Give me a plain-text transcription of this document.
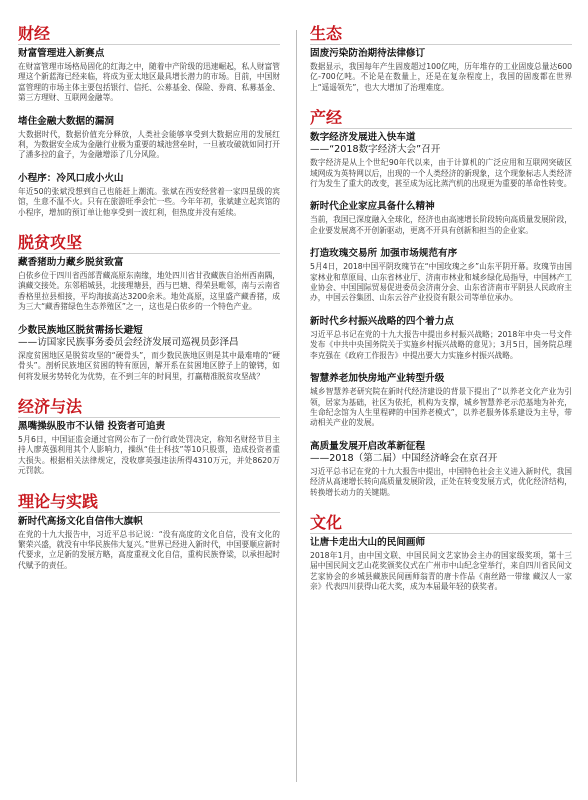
财经
财富管理进入新赛点
在财富管理市场格局固化的红海之中，随着中产阶级的迅速崛起，私人财富管理这个新蓝海已经来临，将成为亚太地区最具增长潜力的市场。目前，中国财富管理的市场主体主要包括银行、信托、公募基金、保险、券商、私募基金、第三方理财、互联网金融等。
堵住金融大数据的漏洞
大数据时代，数据价值充分释放，人类社会能够享受到大数据应用的发展红利，为数据安全成为金融行业极为重要的城池营垒时，一旦被攻破就如同打开了潘多拉的盒子，为金融增添了几分风险。
小程序：冷风口成小火山
年近50的张斌没想到自己也能赶上潮流。张斌在西安经营着一家四星级的宾馆，生意不温不火。只有在旅游旺季会忙一些。今年年初，张斌建立起宾馆的小程序，增加的预订单让他享受到一波红利，但热度并没有延续。
脱贫攻坚
藏香猪助力藏乡脱贫致富
白依乡位于四川省西部青藏高原东南缘，地处四川省甘孜藏族自治州西南隅，滇藏交接处。东邻稻城县，北接理塘县，西与巴塘、得荣县毗邻，南与云南省香格里拉县相接，平均海拔高达3200余米。地处高原，这里盛产藏香猪，成为三大“藏香猪绿色生态养殖区”之一，这也是白依乡的一个特色产业。
少数民族地区脱贫需扬长避短
——访国家民族事务委员会经济发展司巡视员彭泽昌
深度贫困地区是脱贫攻坚的“硬骨头”，而少数民族地区则是其中最难啃的“硬骨头”。剖析民族地区贫困的特有原因，解开系在贫困地区脖子上的镣铐，如何将发展劣势转化为优势，在不到三年的时间里，打赢精准脱贫攻坚战？
经济与法
黑嘴操纵股市不认错 投资者可追责
5月6日，中国证监会通过官网公布了一份行政处罚决定，称知名财经节目主持人廖英强利用其个人影响力，操纵“佳士科技”等10只股票，造成投资者重大损失。根据相关法律规定，没收廖英强违法所得4310万元，并处8620万元罚款。
理论与实践
新时代高扬文化自信伟大旗帜
在党的十九大报告中，习近平总书记说：“没有高度的文化自信，没有文化的繁荣兴盛，就没有中华民族伟大复兴。”世界已经进入新时代，中国要顺应新时代要求，立足新的发展方略，高度重视文化自信，重构民族脊梁，以承担起时代赋予的责任。
生态
固废污染防治期待法律修订
数据显示，我国每年产生固废超过100亿吨，历年堆存的工业固废总量达600亿-700亿吨。不论是在数量上，还是在复杂程度上，我国的固废都在世界上“遥遥领先”，也大大增加了治理难度。
产经
数字经济发展进入快车道
——“2018数字经济大会”召开
数字经济是从上个世纪90年代以来，由于计算机的广泛应用和互联网突破区域网成为英特网以后，出现的一个人类经济的新现象，这个现象标志人类经济行为发生了重大的改变，甚至成为远比蒸汽机的出现更为重要的革命性转变。
新时代企业家应具备什么精神
当前，我国已深度融入全球化，经济也由高速增长阶段转向高质量发展阶段，企业要发展离不开创新驱动，更离不开具有创新和担当的企业家。
打造玫瑰交易所 加强市场规范有序
5月4日，2018中国平阴玫瑰节在“中国玫瑰之乡”山东平阴开幕。玫瑰节由国家林业和草原局、山东省林业厅、济南市林业和城乡绿化局指导，中国林产工业协会、中国国际贸易促进委员会济南分会、山东省济南市平阴县人民政府主办，中国云谷集团、山东云谷产业投资有限公司等单位承办。
新时代乡村振兴战略的四个着力点
习近平总书记在党的十九大报告中提出乡村振兴战略；2018年中央一号文件发布《中共中央国务院关于实施乡村振兴战略的意见》；3月5日，国务院总理李克强在《政府工作报告》中提出要大力实施乡村振兴战略。
智慧养老加快房地产业转型升级
城乡智慧养老研究院在新时代经济建设的背景下提出了“以养老文化产业为引领，居家为基础，社区为依托，机构为支撑，城乡智慧养老示范基地为补充，生命纪念馆为人生里程碑的中国养老模式”，以养老服务体系建设为主导，带动相关产业的发展。
高质量发展开启改革新征程
——2018（第二届）中国经济峰会在京召开
习近平总书记在党的十九大报告中提出，中国特色社会主义进入新时代，我国经济从高速增长转向高质量发展阶段，正处在转变发展方式，优化经济结构，转换增长动力的关键期。
文化
让唐卡走出大山的民间画师
2018年1月，由中国文联、中国民间文艺家协会主办的国家级奖项，第十三届中国民间文艺山花奖颁奖仪式在广州市中山纪念堂举行，来自四川省民间文艺家协会的乡城县藏族民间画师翁青的唐卡作品《南丝路一带缘 藏汉人一家亲》代表四川获得山花大奖，成为本届最年轻的获奖者。
